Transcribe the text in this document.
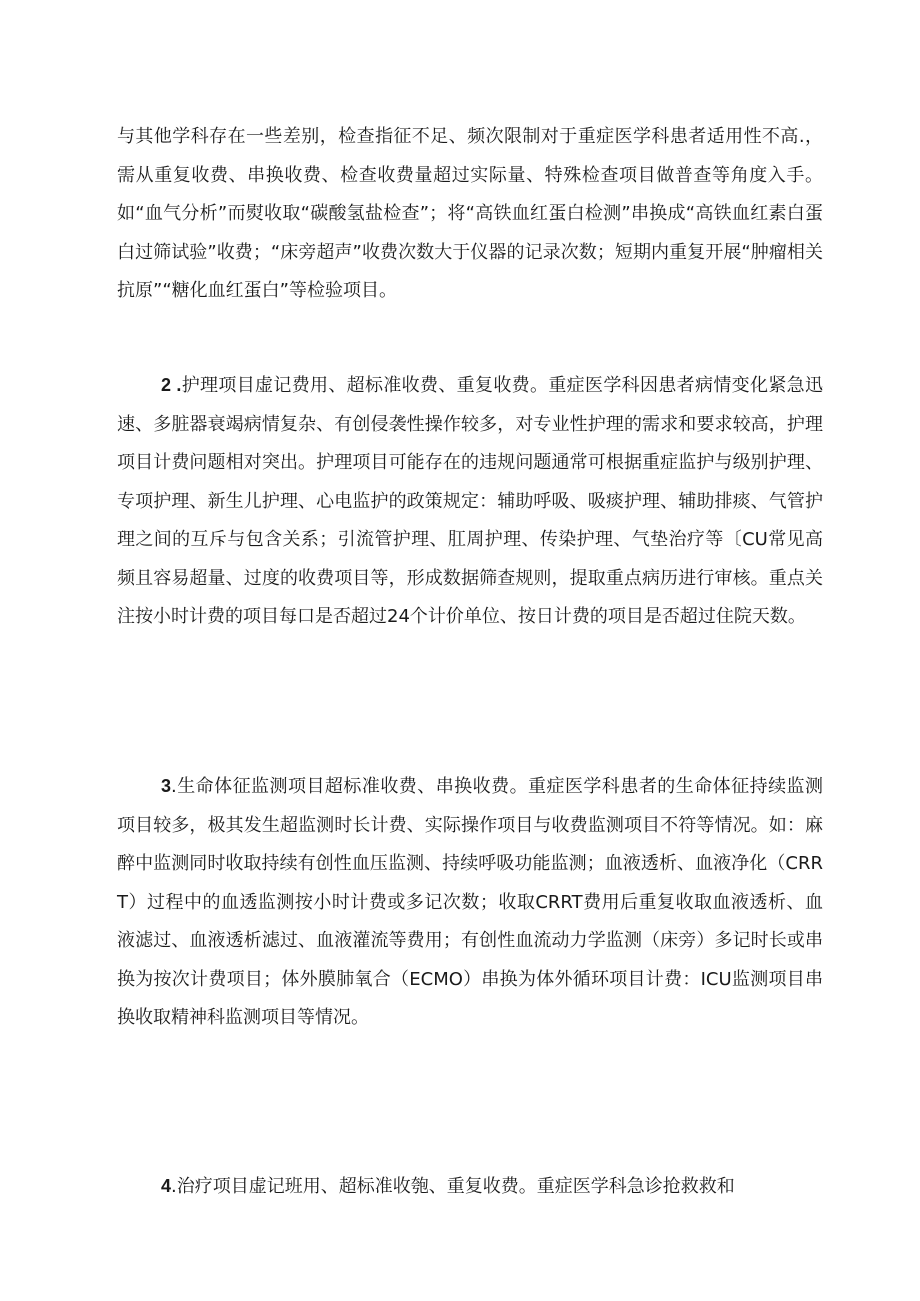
与其他学科存在一些差别，检查指征不足、频次限制对于重症医学科患者适用性不高.，需从重复收费、串换收费、检查收费量超过实际量、特殊检查项目做普查等角度入手。如“血气分析”而熨收取“碳酸氢盐检查”；将“高铁血红蛋白检测”串换成“高铁血红素白蛋白过筛试验”收费；“床旁超声”收费次数大于仪器的记录次数；短期内重复开展“肿瘤相关抗原”“糖化血红蛋白”等检验项目。

2 .护理项目虚记费用、超标准收费、重复收费。重症医学科因患者病情变化紧急迅速、多脏器衰竭病情复杂、有创侵袭性操作较多，对专业性护理的需求和要求较高，护理项目计费问题相对突出。护理项目可能存在的违规问题通常可根据重症监护与级别护理、专项护理、新生儿护理、心电监护的政策规定：辅助呼吸、吸痰护理、辅助排痰、气管护理之间的互斥与包含关系；引流管护理、肛周护理、传染护理、气垫治疗等〔CU常见高频且容易超量、过度的收费项目等，形成数据筛查规则，提取重点病历进行审核。重点关注按小时计费的项目每口是否超过24个计价单位、按日计费的项目是否超过住院天数。

3.生命体征监测项目超标准收费、串换收费。重症医学科患者的生命体征持续监测项目较多，极其发生超监测时长计费、实际操作项目与收费监测项目不符等情况。如：麻醉中监测同时收取持续有创性血压监测、持续呼吸功能监测；血液透析、血液净化（CRRT）过程中的血透监测按小时计费或多记次数；收取CRRT费用后重复收取血液透析、血液滤过、血液透析滤过、血液灌流等费用；有创性血流动力学监测（床旁）多记时长或串换为按次计费项目；体外膜肺氧合（ECMO）串换为体外循环项目计费：ICU监测项目串换收取精神科监测项目等情况。

4.治疗项目虚记班用、超标准收匏、重复收费。重症医学科急诊抢救救和
